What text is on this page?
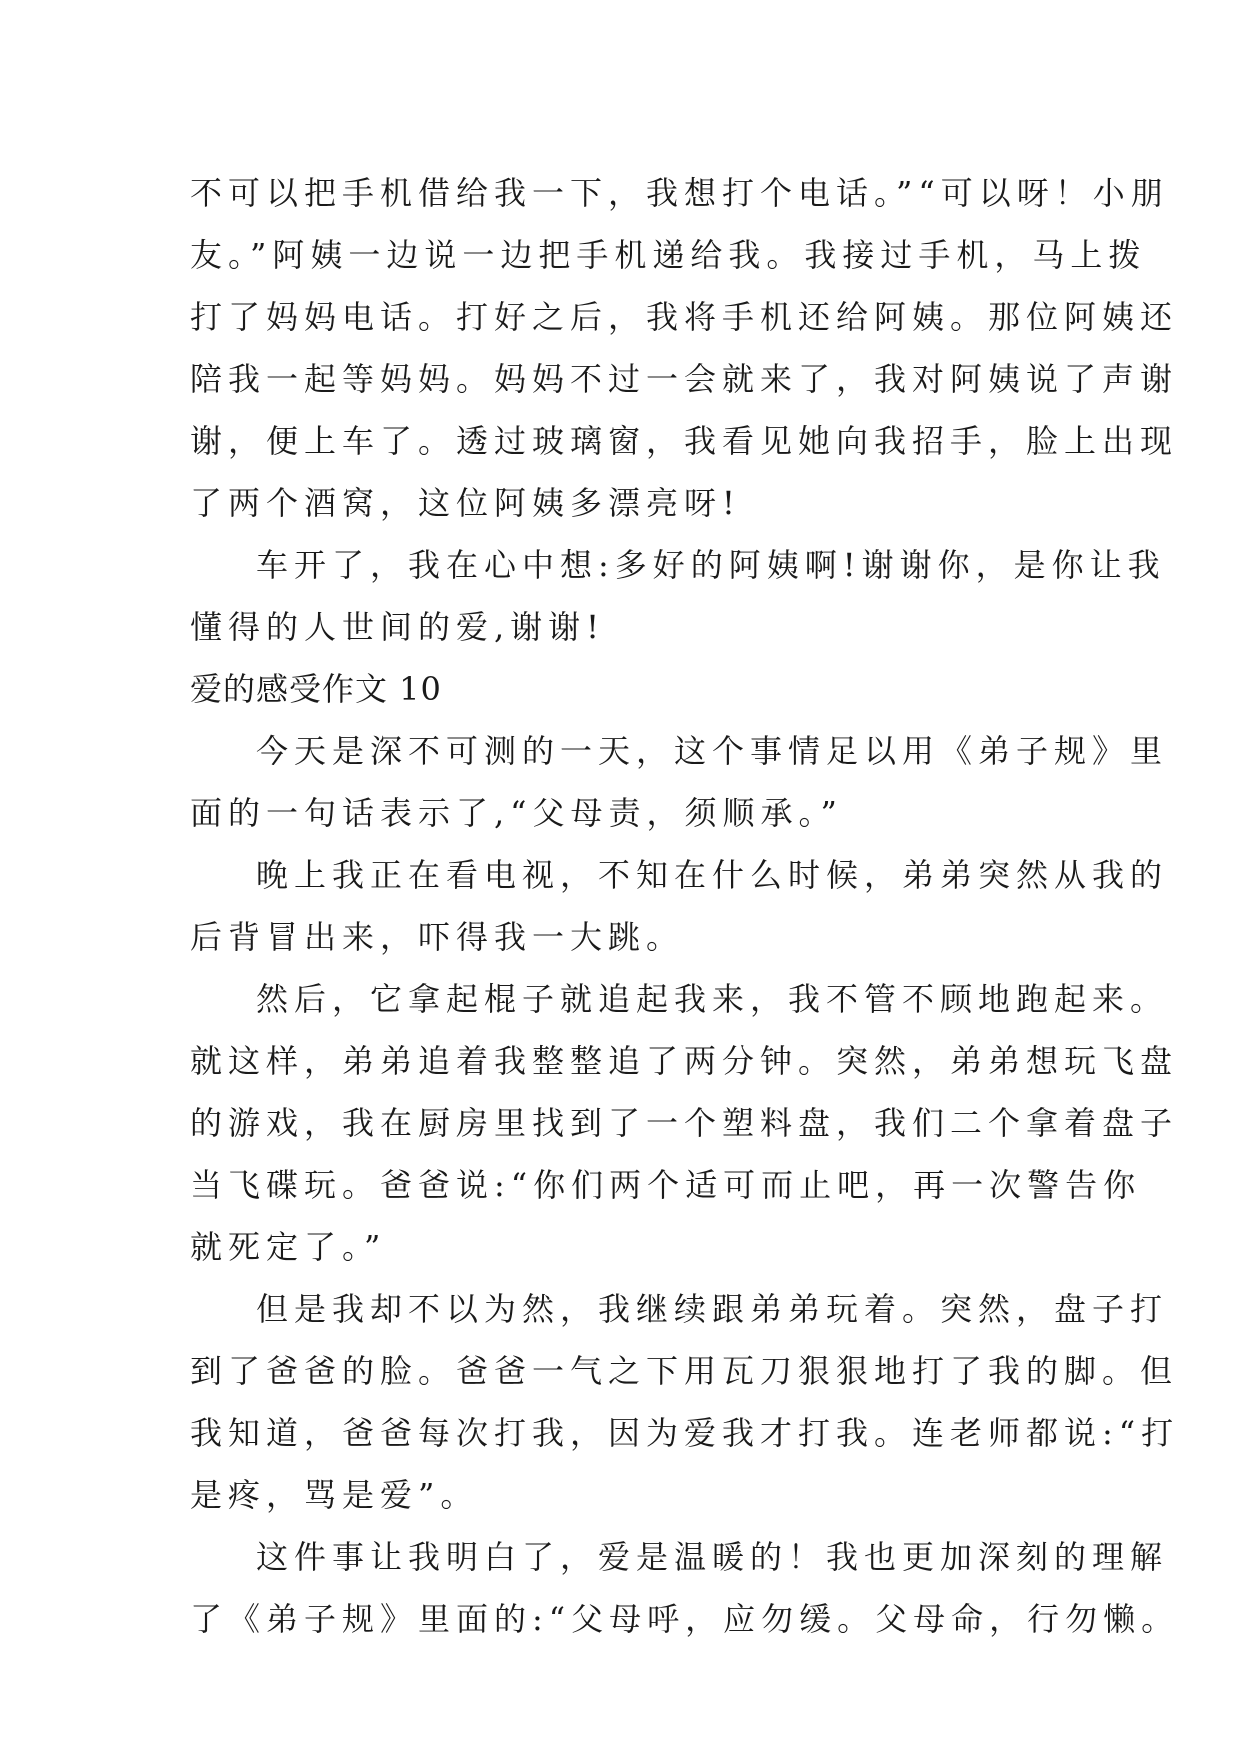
不可以把手机借给我一下，我想打个电话。”“可以呀！小朋
友。”阿姨一边说一边把手机递给我。我接过手机，马上拨
打了妈妈电话。打好之后，我将手机还给阿姨。那位阿姨还
陪我一起等妈妈。妈妈不过一会就来了，我对阿姨说了声谢
谢，便上车了。透过玻璃窗，我看见她向我招手，脸上出现
了两个酒窝，这位阿姨多漂亮呀!
车开了，我在心中想:多好的阿姨啊!谢谢你，是你让我
懂得的人世间的爱,谢谢!
爱的感受作文 10
今天是深不可测的一天，这个事情足以用《弟子规》里
面的一句话表示了,“父母责，须顺承。”
晚上我正在看电视，不知在什么时候，弟弟突然从我的
后背冒出来，吓得我一大跳。
然后，它拿起棍子就追起我来，我不管不顾地跑起来。
就这样，弟弟追着我整整追了两分钟。突然，弟弟想玩飞盘
的游戏，我在厨房里找到了一个塑料盘，我们二个拿着盘子
当飞碟玩。爸爸说:“你们两个适可而止吧，再一次警告你
就死定了。”
但是我却不以为然，我继续跟弟弟玩着。突然，盘子打
到了爸爸的脸。爸爸一气之下用瓦刀狠狠地打了我的脚。但
我知道，爸爸每次打我，因为爱我才打我。连老师都说:“打
是疼，骂是爱”。
这件事让我明白了，爱是温暖的！我也更加深刻的理解
了《弟子规》里面的:“父母呼，应勿缓。父母命，行勿懒。
